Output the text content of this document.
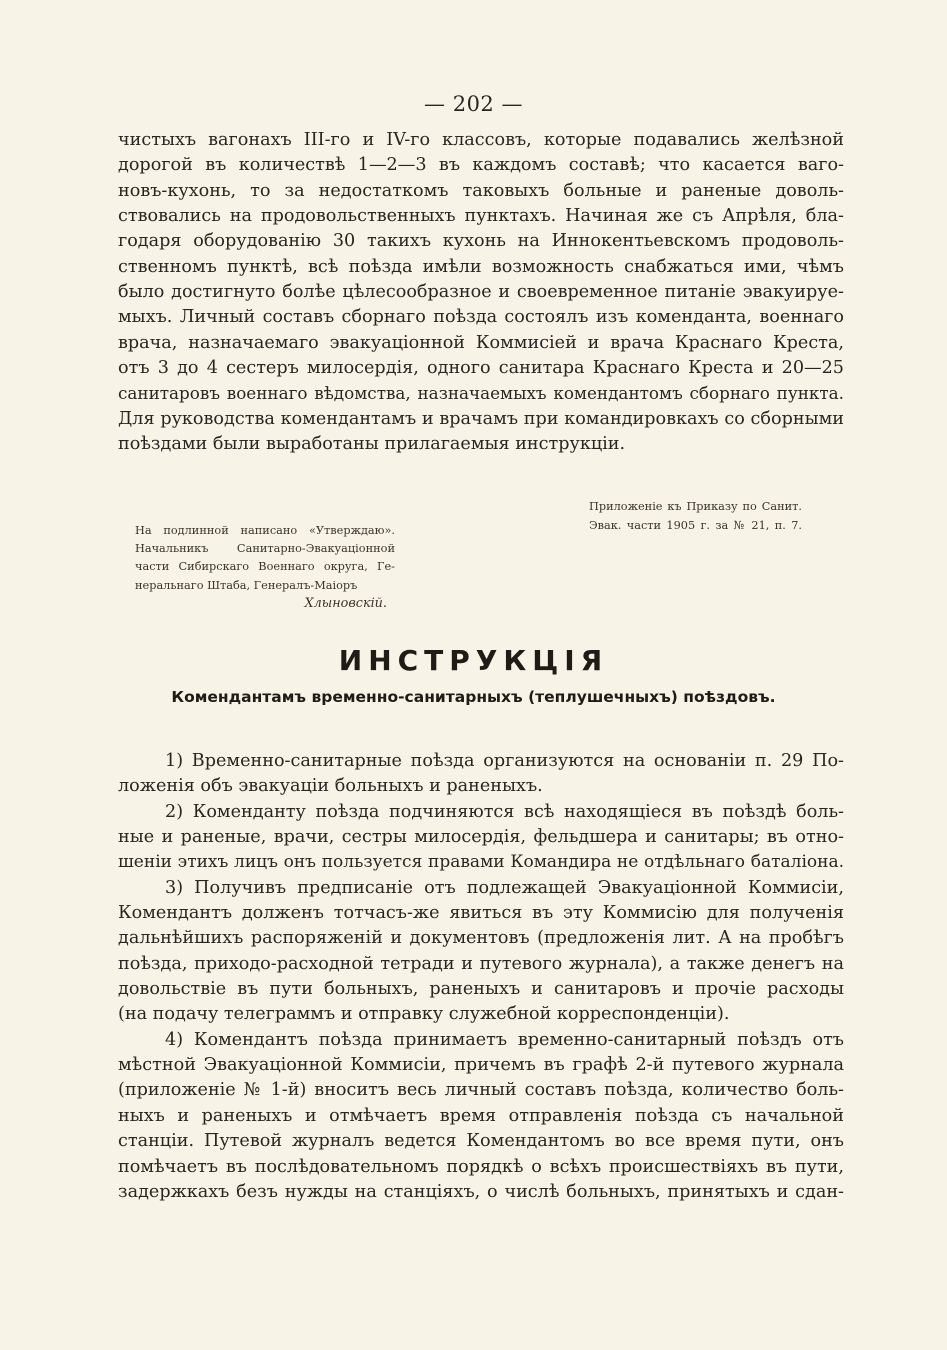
— 202 —
чистыхъ вагонахъ III-го и IV-го классовъ, которые подавались желѣзной
дорогой въ количествѣ 1—2—3 въ каждомъ составѣ; что касается ваго-
новъ-кухонь, то за недостаткомъ таковыхъ больные и раненые доволь-
ствовались на продовольственныхъ пунктахъ. Начиная же съ Апрѣля, бла-
годаря оборудованію 30 такихъ кухонь на Иннокентьевскомъ продоволь-
ственномъ пунктѣ, всѣ поѣзда имѣли возможность снабжаться ими, чѣмъ
было достигнуто болѣе цѣлесообразное и своевременное питаніе эвакуируе-
мыхъ. Личный составъ сборнаго поѣзда состоялъ изъ коменданта, военнаго
врача, назначаемаго эвакуаціонной Коммисіей и врача Краснаго Креста,
отъ 3 до 4 сестеръ милосердія, одного санитара Краснаго Креста и 20—25
санитаровъ военнаго вѣдомства, назначаемыхъ комендантомъ сборнаго пункта.
Для руководства комендантамъ и врачамъ при командировкахъ со сборными
поѣздами были выработаны прилагаемыя инструкціи.
Приложеніе къ Приказу по Санит.
Эвак. части 1905 г. за № 21, п. 7.
На подлинной написано «Утверждаю».
Начальникъ Санитарно-Эвакуаціонной
части Сибирскаго Военнаго округа, Ге-
неральнаго Штаба, Генералъ-Маіоръ
Хлыновскій.
ИНСТРУКЦІЯ
Комендантамъ временно-санитарныхъ (теплушечныхъ) поѣздовъ.
1) Временно-санитарные поѣзда организуются на основаніи п. 29 По-
ложенія объ эвакуаціи больныхъ и раненыхъ.
2) Коменданту поѣзда подчиняются всѣ находящіеся въ поѣздѣ боль-
ные и раненые, врачи, сестры милосердія, фельдшера и санитары; въ отно-
шеніи этихъ лицъ онъ пользуется правами Командира не отдѣльнаго баталіона.
3) Получивъ предписаніе отъ подлежащей Эвакуаціонной Коммисіи,
Комендантъ долженъ тотчасъ-же явиться въ эту Коммисію для полученія
дальнѣйшихъ распоряженій и документовъ (предложенія лит. А на пробѣгъ
поѣзда, приходо-расходной тетради и путевого журнала), а также денегъ на
довольствіе въ пути больныхъ, раненыхъ и санитаровъ и прочіе расходы
(на подачу телеграммъ и отправку служебной корреспонденціи).
4) Комендантъ поѣзда принимаетъ временно-санитарный поѣздъ отъ
мѣстной Эвакуаціонной Коммисіи, причемъ въ графѣ 2-й путевого журнала
(приложеніе № 1-й) вноситъ весь личный составъ поѣзда, количество боль-
ныхъ и раненыхъ и отмѣчаетъ время отправленія поѣзда съ начальной
станціи. Путевой журналъ ведется Комендантомъ во все время пути, онъ
помѣчаетъ въ послѣдовательномъ порядкѣ о всѣхъ происшествіяхъ въ пути,
задержкахъ безъ нужды на станціяхъ, о числѣ больныхъ, принятыхъ и сдан-
